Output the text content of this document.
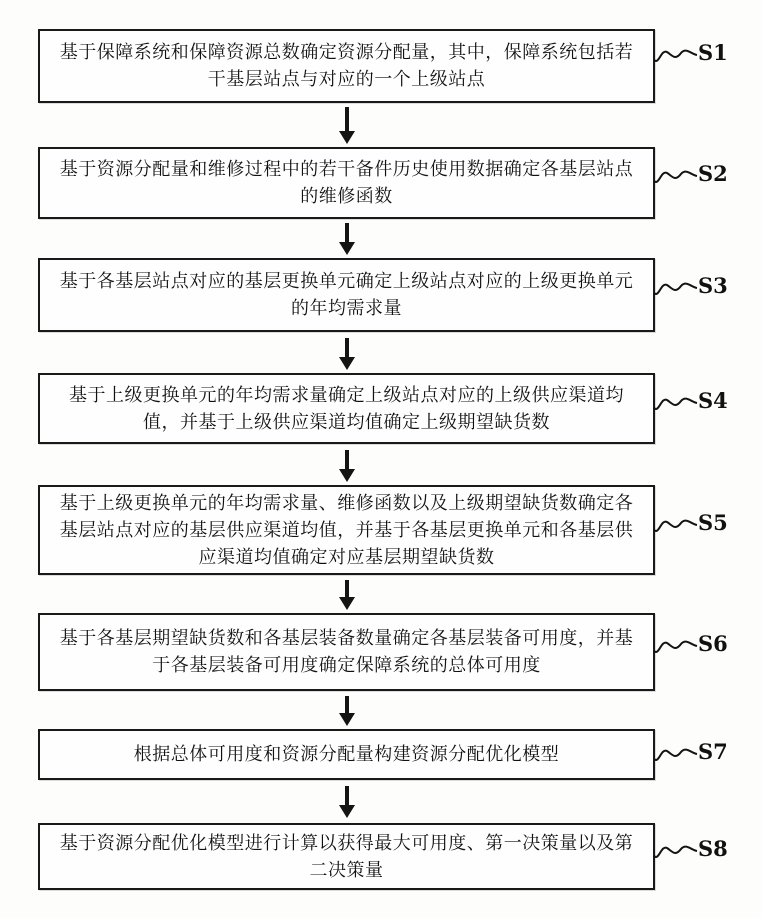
基于保障系统和保障资源总数确定资源分配量，其中，保障系统包括若干基层站点与对应的一个上级站点
S1
基于资源分配量和维修过程中的若干备件历史使用数据确定各基层站点的维修函数
S2
基于各基层站点对应的基层更换单元确定上级站点对应的上级更换单元的年均需求量
S3
基于上级更换单元的年均需求量确定上级站点对应的上级供应渠道均值，并基于上级供应渠道均值确定上级期望缺货数
S4
基于上级更换单元的年均需求量、维修函数以及上级期望缺货数确定各基层站点对应的基层供应渠道均值，并基于各基层更换单元和各基层供应渠道均值确定对应基层期望缺货数
S5
基于各基层期望缺货数和各基层装备数量确定各基层装备可用度，并基于各基层装备可用度确定保障系统的总体可用度
S6
根据总体可用度和资源分配量构建资源分配优化模型	S7
基于资源分配优化模型进行计算以获得最大可用度、第一决策量以及第二决策量
S8
